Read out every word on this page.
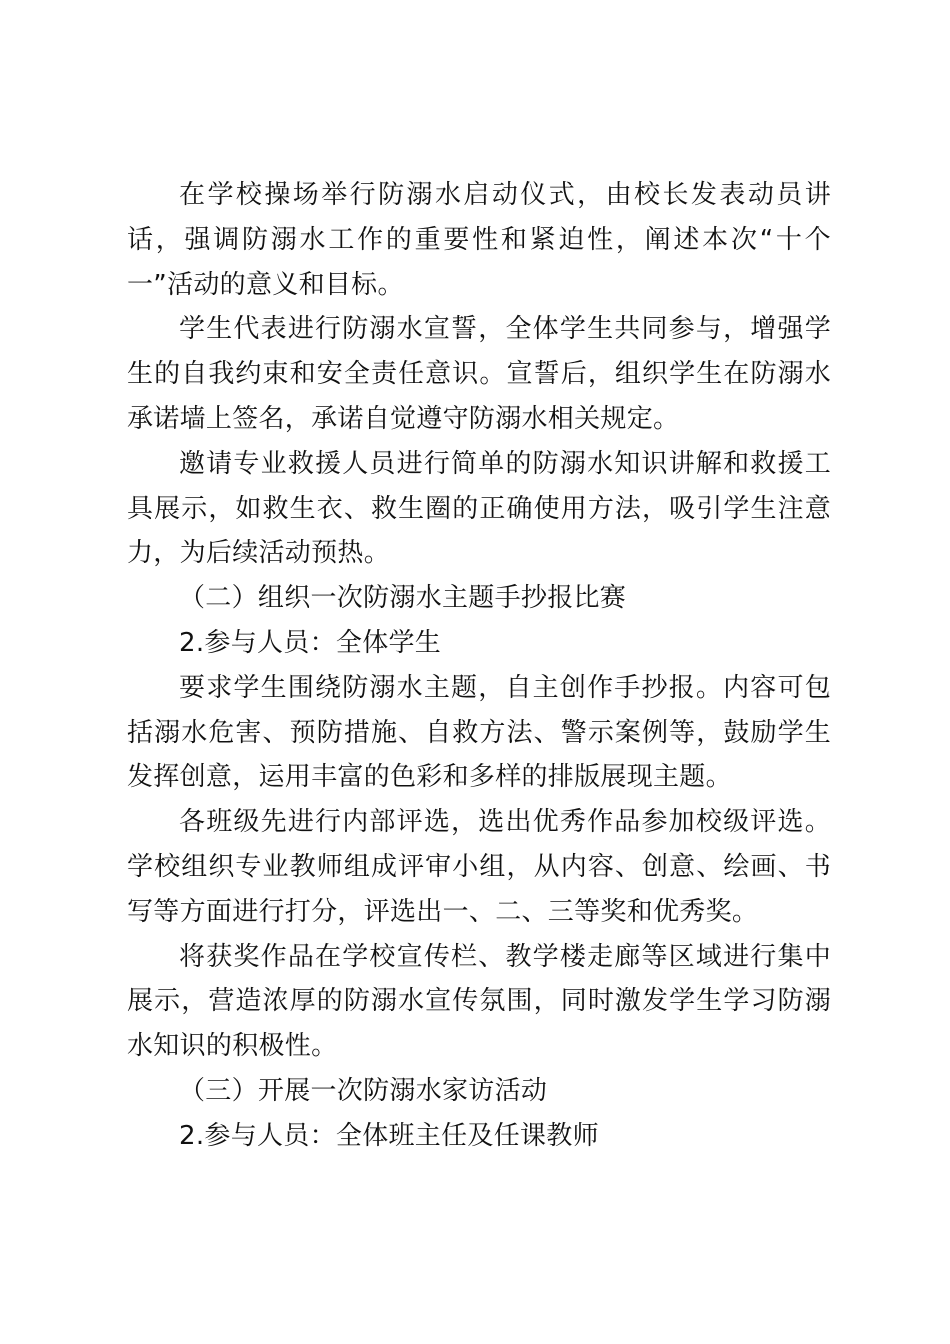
在学校操场举行防溺水启动仪式，由校长发表动员讲话，强调防溺水工作的重要性和紧迫性，阐述本次“十个一”活动的意义和目标。

学生代表进行防溺水宣誓，全体学生共同参与，增强学生的自我约束和安全责任意识。宣誓后，组织学生在防溺水承诺墙上签名，承诺自觉遵守防溺水相关规定。

邀请专业救援人员进行简单的防溺水知识讲解和救援工具展示，如救生衣、救生圈的正确使用方法，吸引学生注意力，为后续活动预热。

（二）组织一次防溺水主题手抄报比赛

2.参与人员：全体学生

要求学生围绕防溺水主题，自主创作手抄报。内容可包括溺水危害、预防措施、自救方法、警示案例等，鼓励学生发挥创意，运用丰富的色彩和多样的排版展现主题。

各班级先进行内部评选，选出优秀作品参加校级评选。学校组织专业教师组成评审小组，从内容、创意、绘画、书写等方面进行打分，评选出一、二、三等奖和优秀奖。

将获奖作品在学校宣传栏、教学楼走廊等区域进行集中展示，营造浓厚的防溺水宣传氛围，同时激发学生学习防溺水知识的积极性。

（三）开展一次防溺水家访活动

2.参与人员：全体班主任及任课教师
